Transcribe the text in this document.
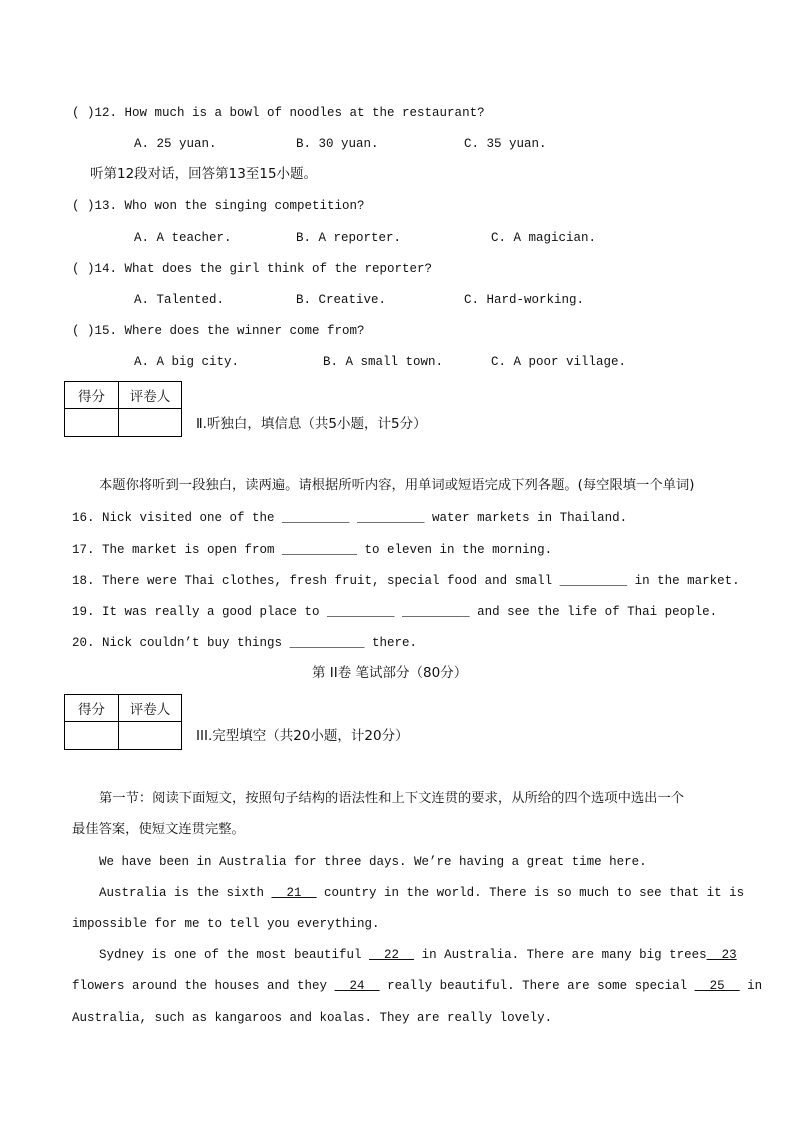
( )12. How much is a bowl of noodles at the restaurant?
A. 25 yuan.	B. 30 yuan.	C. 35 yuan.
听第12段对话，回答第13至15小题。
( )13. Who won the singing competition?
A. A teacher.	B. A reporter.	C. A magician.
( )14. What does the girl think of the reporter?
A. Talented.	B. Creative.	C. Hard-working.
( )15. Where does the winner come from?
A. A big city.	B. A small town.	C. A poor village.
得分	评卷人

Ⅱ.听独白，填信息（共5小题，计5分）
本题你将听到一段独白，读两遍。请根据所听内容，用单词或短语完成下列各题。(每空限填一个单词)
16. Nick visited one of the _________ _________ water markets in Thailand.
17. The market is open from __________ to eleven in the morning.
18. There were Thai clothes, fresh fruit, special food and small _________ in the market.
19. It was really a good place to _________ _________ and see the life of Thai people.
20. Nick couldn’t buy things __________ there.
第 II卷 笔试部分（80分）
得分	评卷人

III.完型填空（共20小题，计20分）
第一节：阅读下面短文，按照句子结构的语法性和上下文连贯的要求，从所给的四个选项中选出一个
最佳答案，使短文连贯完整。
We have been in Australia for three days. We’re having a great time here.
Australia is the sixth __21__ country in the world. There is so much to see that it is
impossible for me to tell you everything.
Sydney is one of the most beautiful __22__ in Australia. There are many big trees__23
flowers around the houses and they __24__ really beautiful. There are some special __25__ in
Australia, such as kangaroos and koalas. They are really lovely.
